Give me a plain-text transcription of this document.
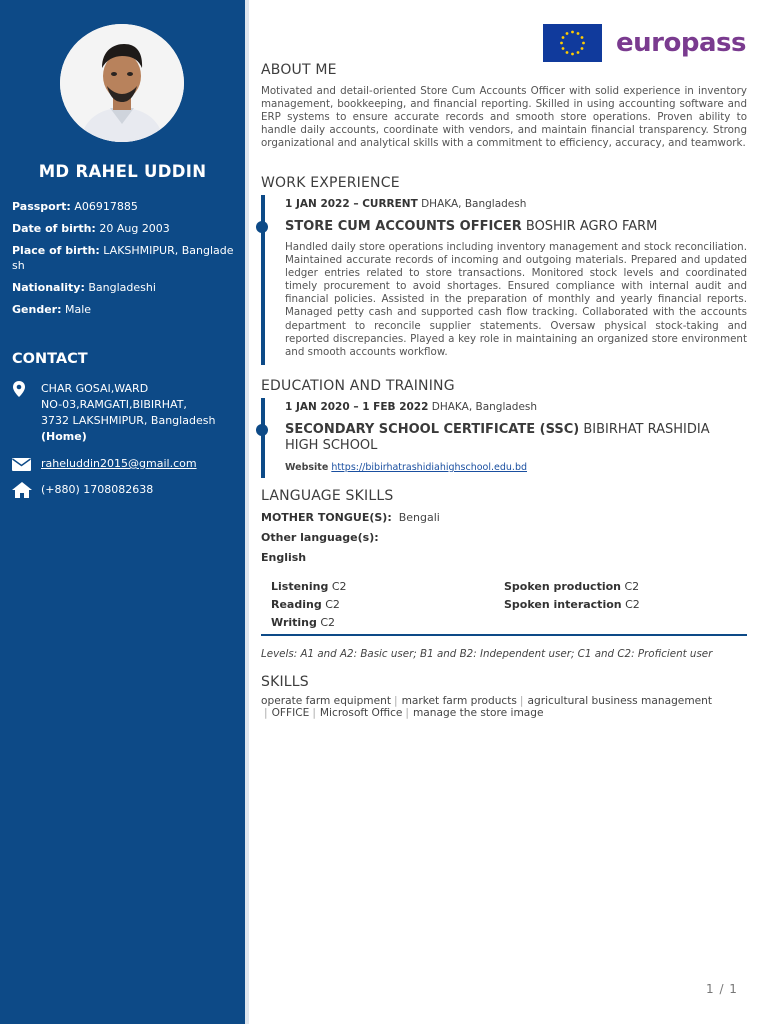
MD RAHEL UDDIN
Passport: A06917885
Date of birth: 20 Aug 2003
Place of birth: LAKSHMIPUR, Bangladesh
Nationality: Bangladeshi
Gender: Male
CONTACT
CHAR GOSAI,WARD
NO-03,RAMGATI,BIBIRHAT,
3732 LAKSHMIPUR, Bangladesh
(Home)
raheluddin2015@gmail.com
(+880) 1708082638
europass
ABOUT ME
Motivated and detail-oriented Store Cum Accounts Officer with solid experience in inventory management, bookkeeping, and financial reporting. Skilled in using accounting software and ERP systems to ensure accurate records and smooth store operations. Proven ability to handle daily accounts, coordinate with vendors, and maintain financial transparency. Strong organizational and analytical skills with a commitment to efficiency, accuracy, and teamwork.
WORK EXPERIENCE
1 JAN 2022 – CURRENT DHAKA, Bangladesh
STORE CUM ACCOUNTS OFFICER BOSHIR AGRO FARM
Handled daily store operations including inventory management and stock reconciliation. Maintained accurate records of incoming and outgoing materials. Prepared and updated ledger entries related to store transactions. Monitored stock levels and coordinated timely procurement to avoid shortages. Ensured compliance with internal audit and financial policies. Assisted in the preparation of monthly and yearly financial reports. Managed petty cash and supported cash flow tracking. Collaborated with the accounts department to reconcile supplier statements. Oversaw physical stock-taking and reported discrepancies. Played a key role in maintaining an organized store environment and smooth accounts workflow.
EDUCATION AND TRAINING
1 JAN 2020 – 1 FEB 2022 DHAKA, Bangladesh
SECONDARY SCHOOL CERTIFICATE (SSC) BIBIRHAT RASHIDIA HIGH SCHOOL
Website https://bibirhatrashidiahighschool.edu.bd
LANGUAGE SKILLS
MOTHER TONGUE(S): Bengali
Other language(s):
English
Listening C2
Reading C2
Writing C2
Spoken production C2
Spoken interaction C2
Levels: A1 and A2: Basic user; B1 and B2: Independent user; C1 and C2: Proficient user
SKILLS
operate farm equipment | market farm products | agricultural business management
| OFFICE | Microsoft Office | manage the store image
1 / 1
